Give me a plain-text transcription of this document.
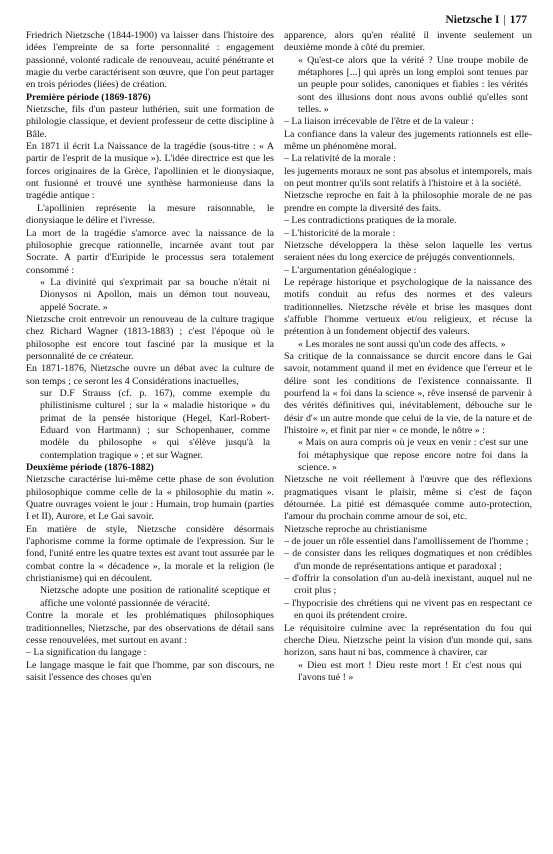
Nietzsche I | 177

Friedrich Nietzsche (1844-1900) va laisser dans l'histoire des idées l'empreinte de sa forte personnalité : engagement passionné, volonté radicale de renouveau, acuité pénétrante et magie du verbe caractérisent son œuvre, que l'on peut partager en trois périodes (liées) de création.

Première période (1869-1876)

Nietzsche, fils d'un pasteur luthérien, suit une formation de philologie classique, et devient professeur de cette discipline à Bâle.

En 1871 il écrit La Naissance de la tragédie (sous-titre : « A partir de l'esprit de la musique »). L'idée directrice est que les forces originaires de la Grèce, l'apollinien et le dionysiaque, ont fusionné et trouvé une synthèse harmonieuse dans la tragédie antique :

L'apollinien représente la mesure raisonnable, le dionysiaque le délire et l'ivresse.

La mort de la tragédie s'amorce avec la naissance de la philosophie grecque rationnelle, incarnée avant tout par Socrate. A partir d'Euripide le processus sera totalement consommé :

« La divinité qui s'exprimait par sa bouche n'était ni Dionysos ni Apollon, mais un démon tout nouveau, appelé Socrate. »

Nietzsche croit entrevoir un renouveau de la culture tragique chez Richard Wagner (1813-1883) ; c'est l'époque où le philosophe est encore tout fasciné par la musique et la personnalité de ce créateur.

En 1871-1876, Nietzsche ouvre un débat avec la culture de son temps ; ce seront les 4 Considérations inactuelles,

sur D.F Strauss (cf. p. 167), comme exemple du philistinisme culturel ; sur la « maladie historique » du primat de la pensée historique (Hegel, Karl-Robert-Eduard von Hartmann) ; sur Schopenhauer, comme modèle du philosophe « qui s'élève jusqu'à la contemplation tragique » ; et sur Wagner.

Deuxième période (1876-1882)

Nietzsche caractérise lui-même cette phase de son évolution philosophique comme celle de la « philosophie du matin ». Quatre ouvrages voient le jour : Humain, trop humain (parties I et II), Aurore, et Le Gai savoir.

En matière de style, Nietzsche considère désormais l'aphorisme comme la forme optimale de l'expression. Sur le fond, l'unité entre les quatre textes est avant tout assurée par le combat contre la « décadence », la morale et la religion (le christianisme) qui en découlent.

Nietzsche adopte une position de rationalité sceptique et affiche une volonté passionnée de véracité.

Contre la morale et les problématiques philosophiques traditionnelles, Nietzsche, par des observations de détail sans cesse renouvelées, met surtout en avant :

– La signification du langage :

Le langage masque le fait que l'homme, par son discours, ne saisit l'essence des choses qu'en

apparence, alors qu'en réalité il invente seulement un deuxième monde à côté du premier.

« Qu'est-ce alors que la vérité ? Une troupe mobile de métaphores [...] qui après un long emploi sont tenues par un peuple pour solides, canoniques et fiables : les vérités sont des illusions dont nous avons oublié qu'elles sont telles. »

– La liaison irrécevable de l'être et de la valeur :

La confiance dans la valeur des jugements rationnels est elle-même un phénomène moral.

– La relativité de la morale :

les jugements moraux ne sont pas absolus et intemporels, mais on peut montrer qu'ils sont relatifs à l'histoire et à la société.

Nietzsche reproche en fait à la philosophie morale de ne pas prendre en compte la diversité des faits.

– Les contradictions pratiques de la morale.

– L'historicité de la morale :

Nietzsche développera la thèse selon laquelle les vertus seraient nées du long exercice de préjugés conventionnels.

– L'argumentation généalogique :

Le repérage historique et psychologique de la naissance des motifs conduit au refus des normes et des valeurs traditionnelles. Nietzsche révèle et brise les masques dont s'affuble l'homme vertueux et/ou religieux, et récuse la prétention à un fondement objectif des valeurs.

« Les morales ne sont aussi qu'un code des affects. »

Sa critique de la connaissance se durcit encore dans le Gai savoir, notamment quand il met en évidence que l'erreur et le délire sont les conditions de l'existence connaissante. Il pourfend la « foi dans la science », rêve insensé de parvenir à des vérités définitives qui, inévitablement, débouche sur le désir d'« un autre monde que celui de la vie, de la nature et de l'histoire », et finit par nier « ce monde, le nôtre » :

« Mais on aura compris où je veux en venir : c'est sur une foi métaphysique que repose encore notre foi dans la science. »

Nietzsche ne voit réellement à l'œuvre que des réflexions pragmatiques visant le plaisir, même si c'est de façon détournée. La pitié est démasquée comme auto-protection, l'amour du prochain comme amour de soi, etc.

Nietzsche reproche au christianisme

– de jouer un rôle essentiel dans l'amollissement de l'homme ;

– de consister dans les reliques dogmatiques et non crédibles d'un monde de représentations antique et paradoxal ;

– d'offrir la consolation d'un au-delà inexistant, auquel nul ne croit plus ;

– l'hypocrisie des chrétiens qui ne vivent pas en respectant ce en quoi ils prétendent croire.

Le réquisitoire culmine avec la représentation du fou qui cherche Dieu. Nietzsche peint la vision d'un monde qui, sans horizon, sans haut ni bas, commence à chavirer, car

« Dieu est mort ! Dieu reste mort ! Et c'est nous qui l'avons tué ! »
